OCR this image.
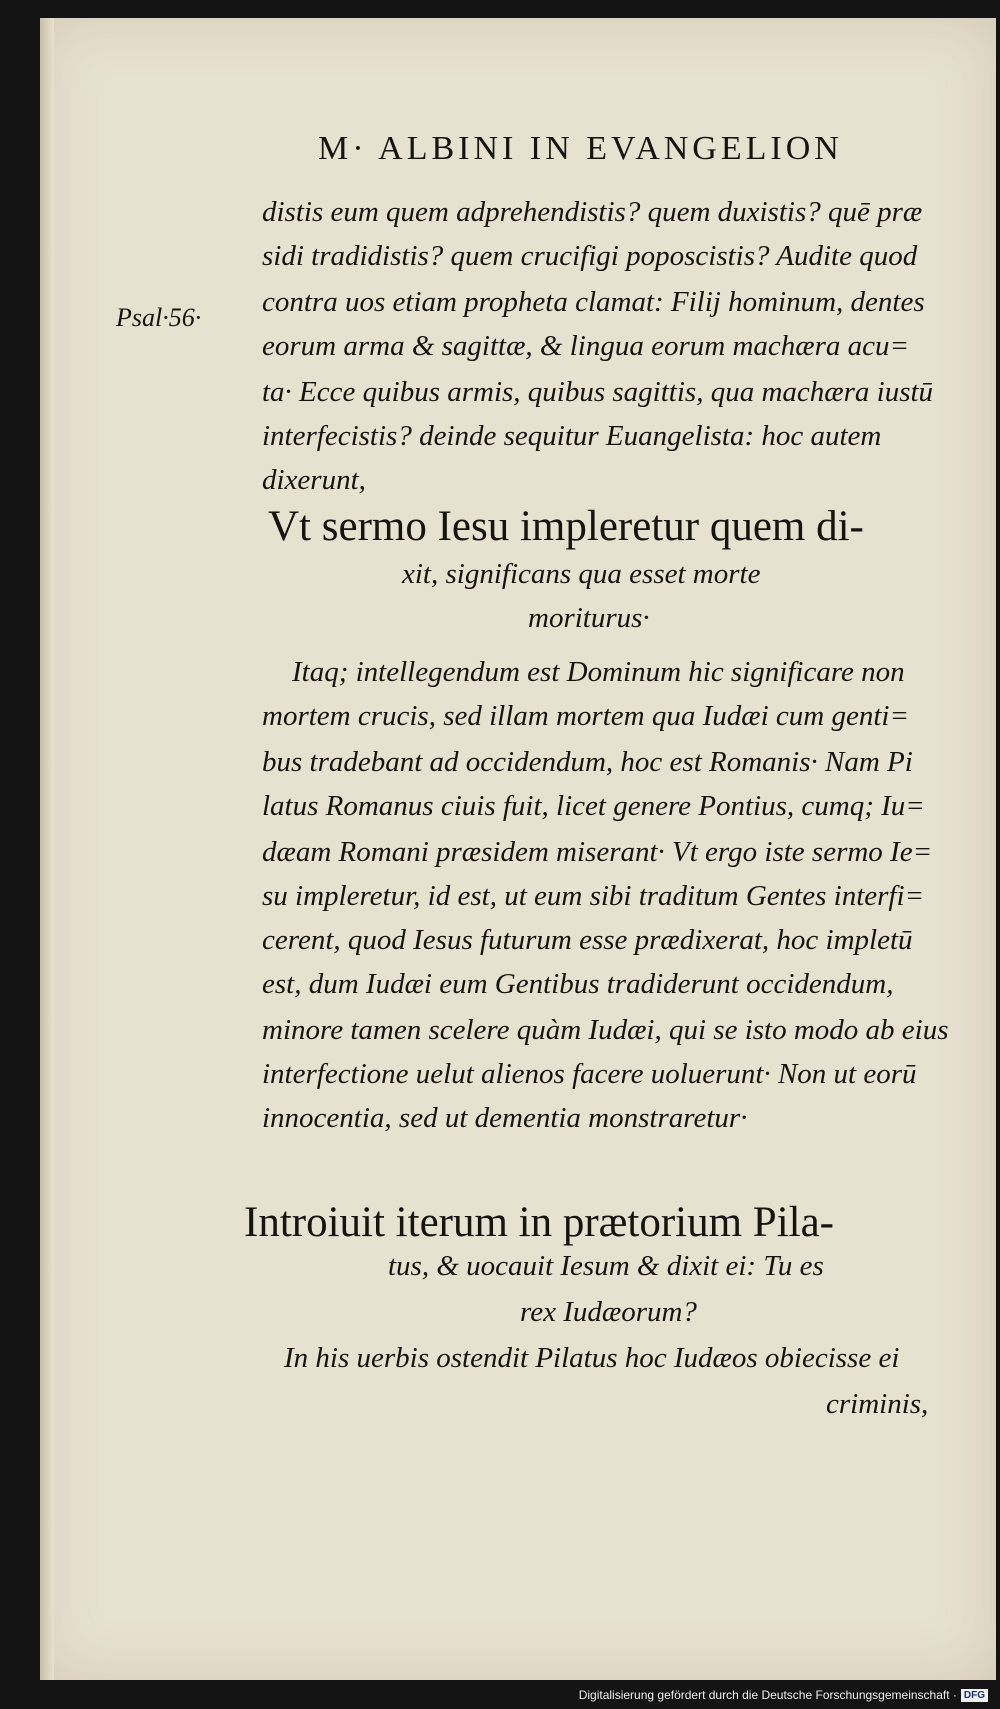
M· ALBINI IN EVANGELION
Psal·56·
distis eum quem adprehendistis? quem duxistis? quē præ
sidi tradidistis? quem crucifigi poposcistis? Audite quod
contra uos etiam propheta clamat: Filij hominum, dentes
eorum arma & sagittæ, & lingua eorum machæra acu=
ta· Ecce quibus armis, quibus sagittis, qua machæra iustū
interfecistis? deinde sequitur Euangelista: hoc autem
dixerunt,
Vt sermo Iesu impleretur quem di-
xit, significans qua esset morte
moriturus·
Itaq; intellegendum est Dominum hic significare non
mortem crucis, sed illam mortem qua Iudæi cum genti=
bus tradebant ad occidendum, hoc est Romanis· Nam Pi
latus Romanus ciuis fuit, licet genere Pontius, cumq; Iu=
dæam Romani præsidem miserant· Vt ergo iste sermo Ie=
su impleretur, id est, ut eum sibi traditum Gentes interfi=
cerent, quod Iesus futurum esse prædixerat, hoc impletū
est, dum Iudæi eum Gentibus tradiderunt occidendum,
minore tamen scelere quàm Iudæi, qui se isto modo ab eius
interfectione uelut alienos facere uoluerunt· Non ut eorū
innocentia, sed ut dementia monstraretur·
Introiuit iterum in prætorium Pila-
tus, & uocauit Iesum & dixit ei: Tu es
rex Iudæorum?
In his uerbis ostendit Pilatus hoc Iudæos obiecisse ei
criminis,
Digitalisierung gefördert durch die Deutsche Forschungsgemeinschaft · DFG
